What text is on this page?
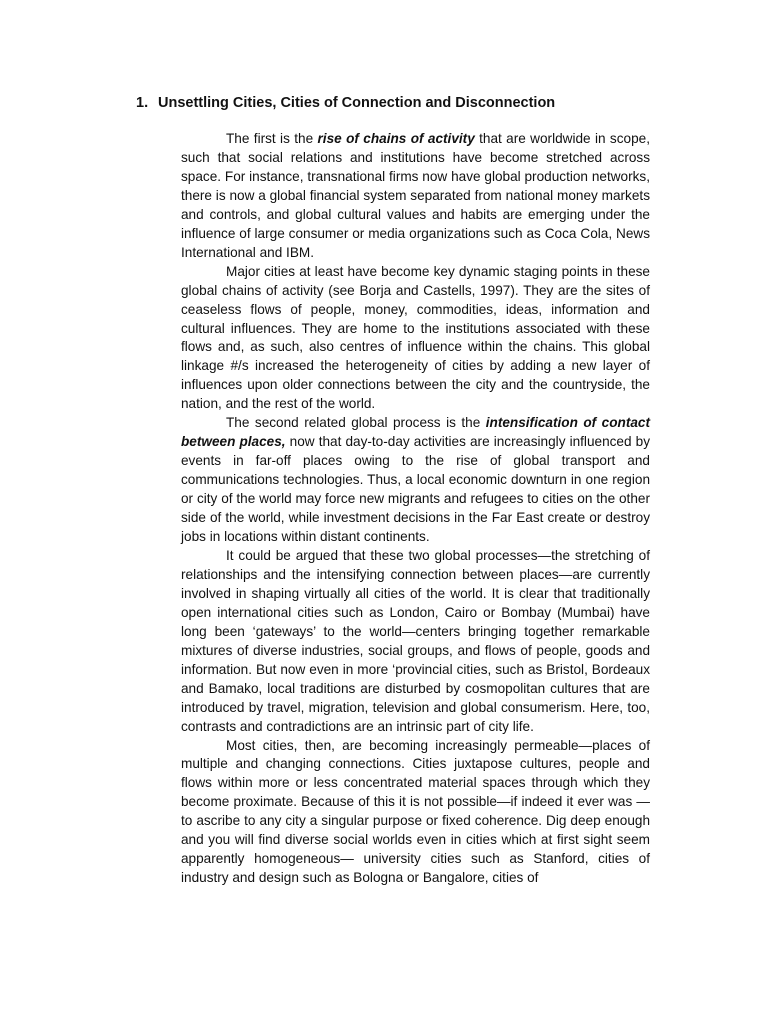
1. Unsettling Cities, Cities of Connection and Disconnection

The first is the rise of chains of activity that are worldwide in scope, such that social relations and institutions have become stretched across space. For instance, transnational firms now have global production networks, there is now a global financial system separated from national money markets and controls, and global cultural values and habits are emerging under the influence of large consumer or media organizations such as Coca Cola, News International and IBM.

Major cities at least have become key dynamic staging points in these global chains of activity (see Borja and Castells, 1997). They are the sites of ceaseless flows of people, money, commodities, ideas, information and cultural influences. They are home to the institutions associated with these flows and, as such, also centres of influence within the chains. This global linkage #/s increased the heterogeneity of cities by adding a new layer of influences upon older connections between the city and the countryside, the nation, and the rest of the world.

The second related global process is the intensification of contact between places, now that day-to-day activities are increasingly influenced by events in far-off places owing to the rise of global transport and communications technologies. Thus, a local economic downturn in one region or city of the world may force new migrants and refugees to cities on the other side of the world, while investment decisions in the Far East create or destroy jobs in locations within distant continents.

It could be argued that these two global processes—the stretching of relationships and the intensifying connection between places—are currently involved in shaping virtually all cities of the world. It is clear that traditionally open international cities such as London, Cairo or Bombay (Mumbai) have long been ‘gateways’ to the world—centers bringing together remarkable mixtures of diverse industries, social groups, and flows of people, goods and information. But now even in more ‘provincial cities, such as Bristol, Bordeaux and Bamako, local traditions are disturbed by cosmopolitan cultures that are introduced by travel, migration, television and global consumerism. Here, too, contrasts and contradictions are an intrinsic part of city life.

Most cities, then, are becoming increasingly permeable—places of multiple and changing connections. Cities juxtapose cultures, people and flows within more or less concentrated material spaces through which they become proximate. Because of this it is not possible—if indeed it ever was —to ascribe to any city a singular purpose or fixed coherence. Dig deep enough and you will find diverse social worlds even in cities which at first sight seem apparently homogeneous— university cities such as Stanford, cities of industry and design such as Bologna or Bangalore, cities of
